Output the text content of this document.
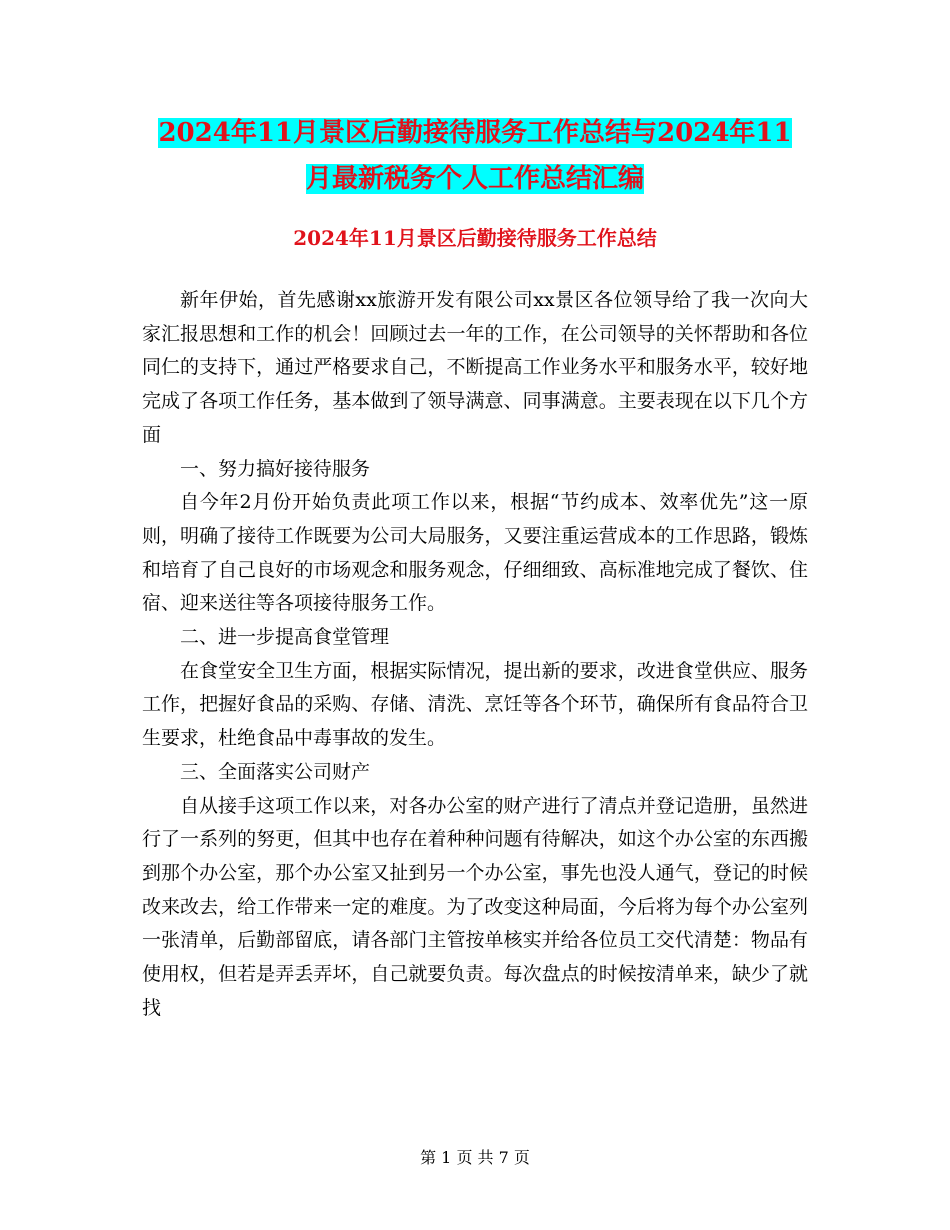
2024年11月景区后勤接待服务工作总结与2024年11
月最新税务个人工作总结汇编
2024年11月景区后勤接待服务工作总结

新年伊始，首先感谢xx旅游开发有限公司xx景区各位领导给了我一次向大家汇报思想和工作的机会！回顾过去一年的工作，在公司领导的关怀帮助和各位同仁的支持下，通过严格要求自己，不断提高工作业务水平和服务水平，较好地完成了各项工作任务，基本做到了领导满意、同事满意。主要表现在以下几个方面

一、努力搞好接待服务

自今年2月份开始负责此项工作以来，根据“节约成本、效率优先”这一原则，明确了接待工作既要为公司大局服务，又要注重运营成本的工作思路，锻炼和培育了自己良好的市场观念和服务观念，仔细细致、高标准地完成了餐饮、住宿、迎来送往等各项接待服务工作。

二、进一步提高食堂管理

在食堂安全卫生方面，根据实际情况，提出新的要求，改进食堂供应、服务工作，把握好食品的采购、存储、清洗、烹饪等各个环节，确保所有食品符合卫生要求，杜绝食品中毒事故的发生。

三、全面落实公司财产

自从接手这项工作以来，对各办公室的财产进行了清点并登记造册，虽然进行了一系列的努更，但其中也存在着种种问题有待解决，如这个办公室的东西搬到那个办公室，那个办公室又扯到另一个办公室，事先也没人通气，登记的时候改来改去，给工作带来一定的难度。为了改变这种局面，今后将为每个办公室列一张清单，后勤部留底，请各部门主管按单核实并给各位员工交代清楚：物品有使用权，但若是弄丢弄坏，自己就要负责。每次盘点的时候按清单来，缺少了就找

第 1 页 共 7 页
